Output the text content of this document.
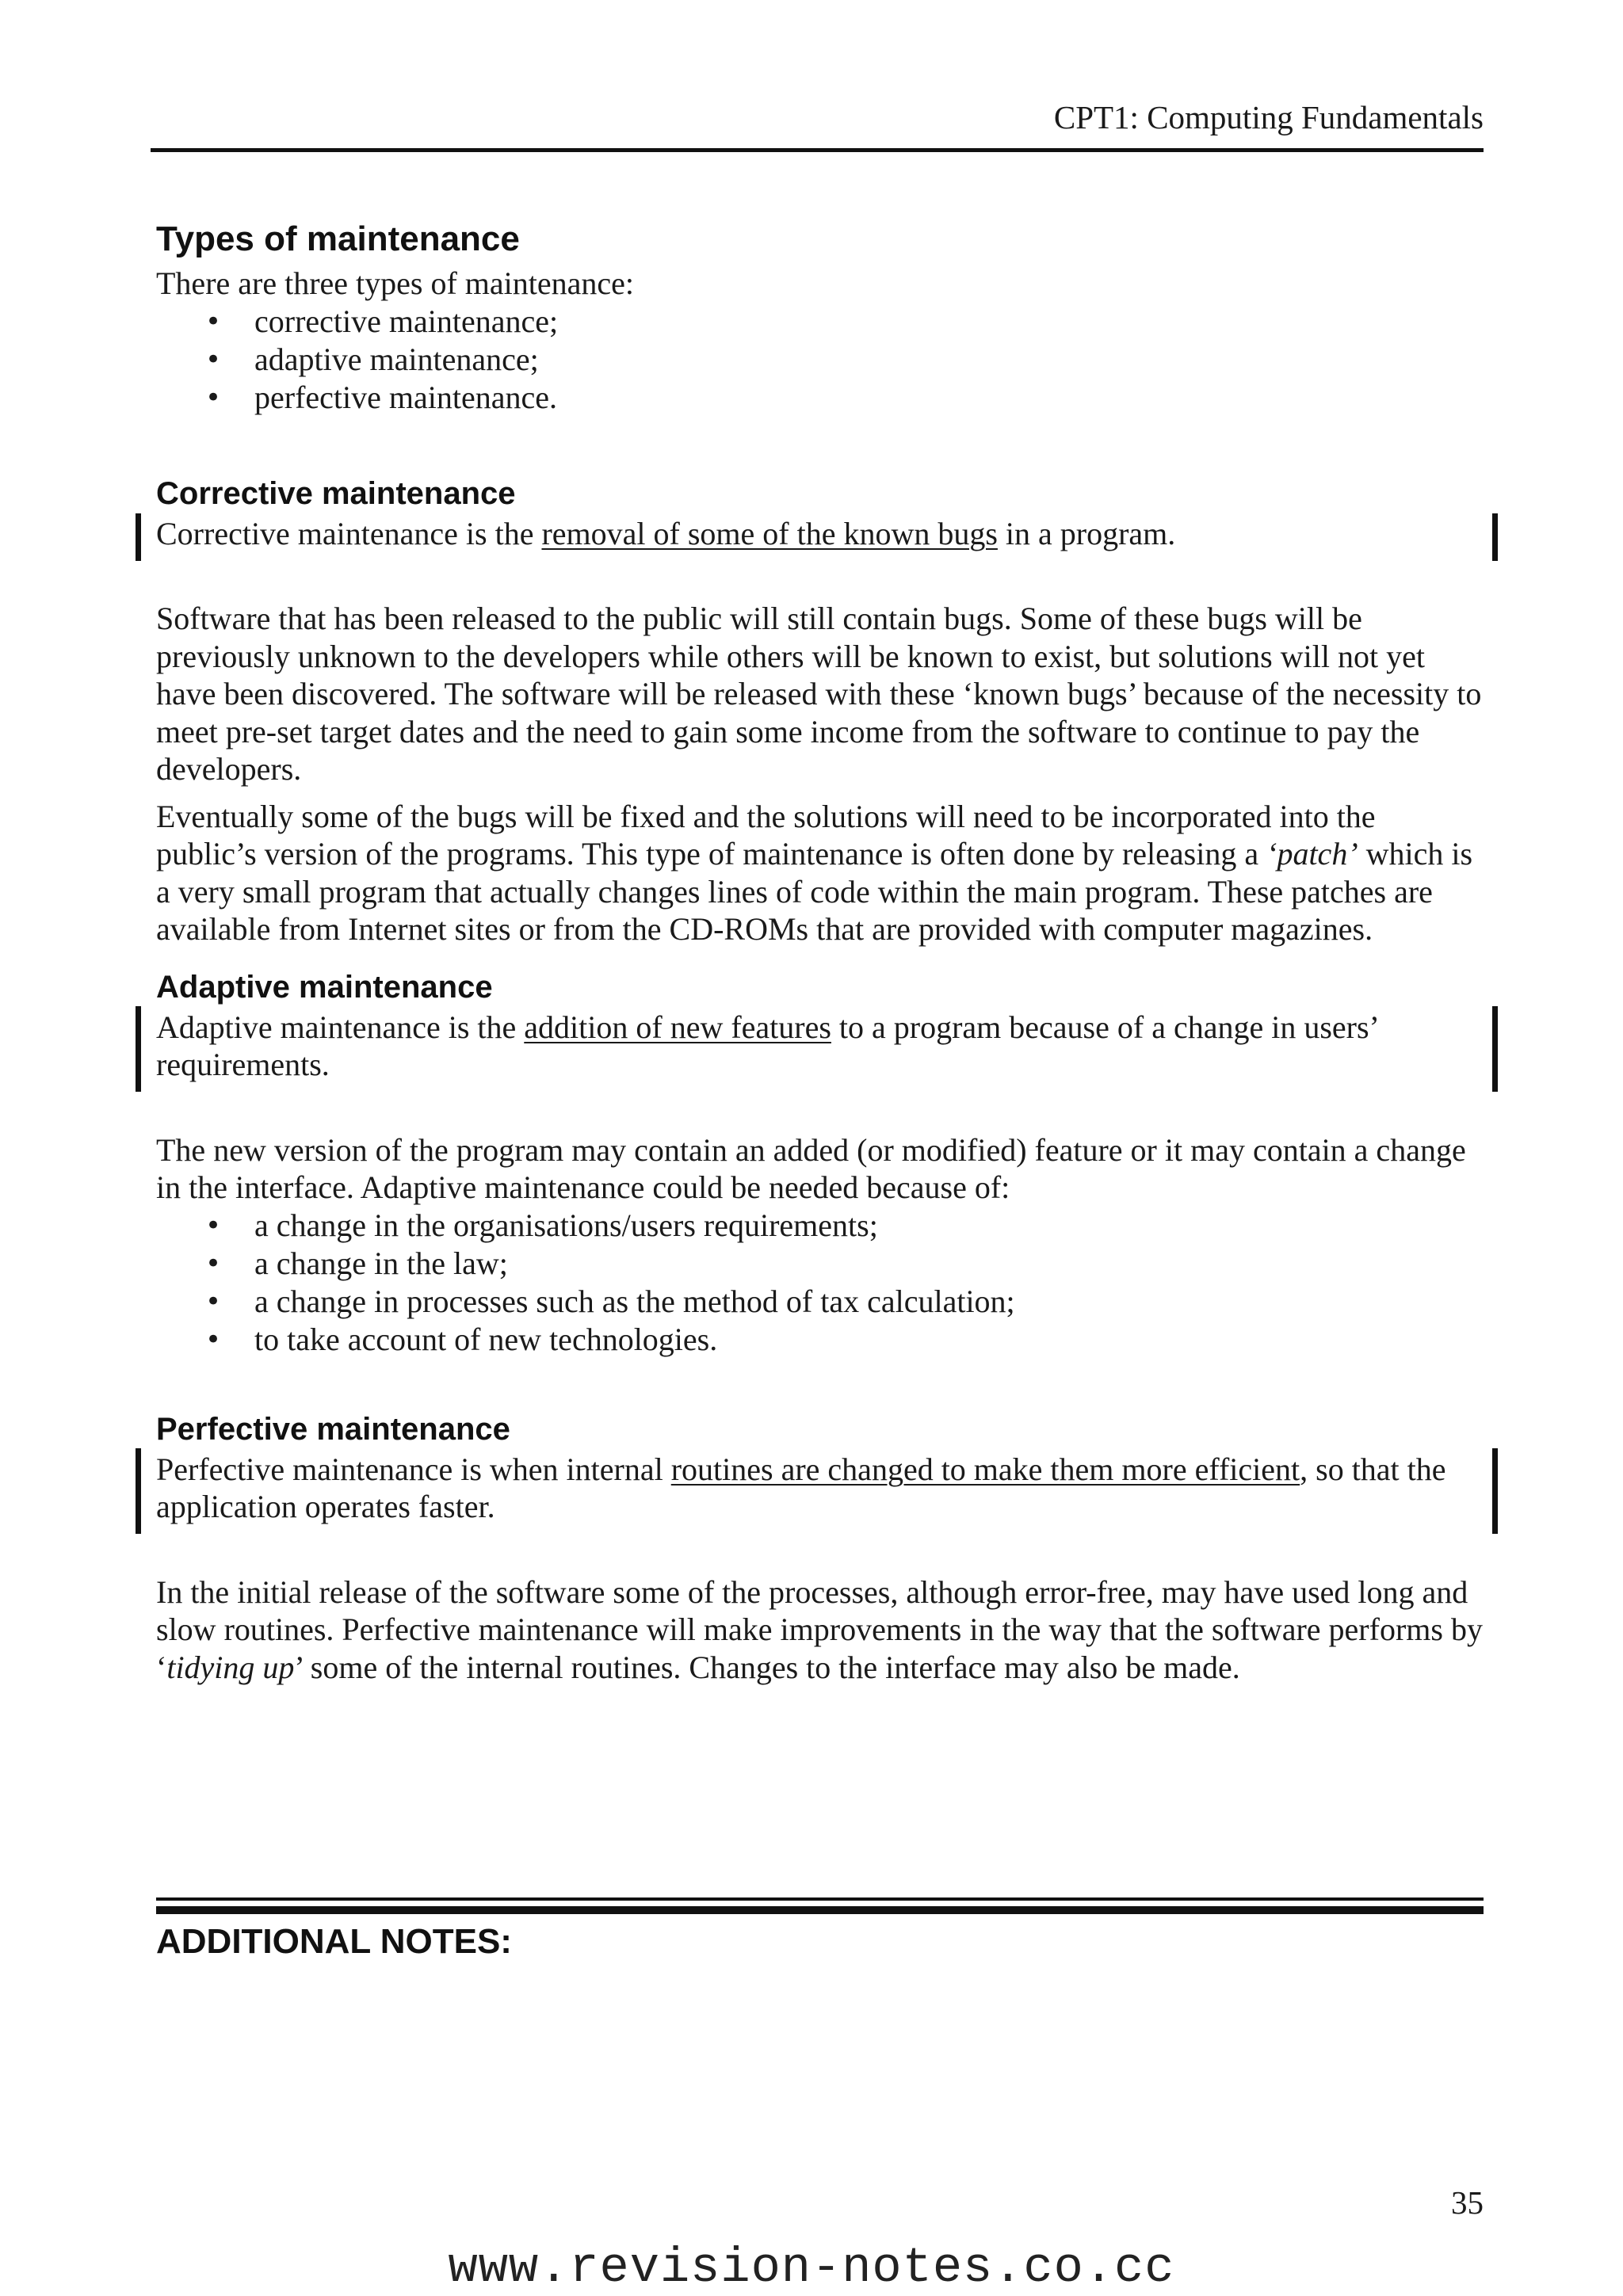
CPT1: Computing Fundamentals
Types of maintenance

There are three types of maintenance:

• corrective maintenance;
• adaptive maintenance;
• perfective maintenance.
Corrective maintenance

Corrective maintenance is the removal of some of the known bugs in a program.

Software that has been released to the public will still contain bugs. Some of these bugs will be previously unknown to the developers while others will be known to exist, but solutions will not yet have been discovered. The software will be released with these ‘known bugs’ because of the necessity to meet pre-set target dates and the need to gain some income from the software to continue to pay the developers.

Eventually some of the bugs will be fixed and the solutions will need to be incorporated into the public’s version of the programs. This type of maintenance is often done by releasing a ‘patch’ which is a very small program that actually changes lines of code within the main program. These patches are available from Internet sites or from the CD-ROMs that are provided with computer magazines.

Adaptive maintenance

Adaptive maintenance is the addition of new features to a program because of a change in users’ requirements.

The new version of the program may contain an added (or modified) feature or it may contain a change in the interface. Adaptive maintenance could be needed because of:

• a change in the organisations/users requirements;
• a change in the law;
• a change in processes such as the method of tax calculation;
• to take account of new technologies.
Perfective maintenance

Perfective maintenance is when internal routines are changed to make them more efficient, so that the application operates faster.

In the initial release of the software some of the processes, although error-free, may have used long and slow routines. Perfective maintenance will make improvements in the way that the software performs by ‘tidying up’ some of the internal routines. Changes to the interface may also be made.

ADDITIONAL NOTES:
35
www.revision-notes.co.cc
